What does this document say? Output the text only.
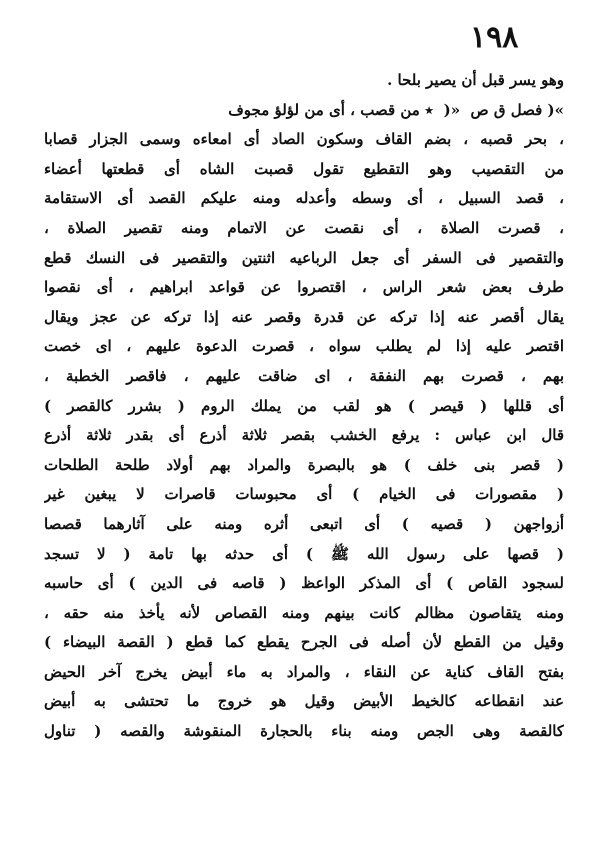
١٩٨
وهو يسر قبل أن يصير بلحا .
»( فصل ق ص ‏ «( ‏ ٭ من قصب ، أى من لؤلؤ مجوف
، بحر قصبه ، بضم القاف وسكون الصاد أى امعاءه وسمى الجزار قصابا
من التقصيب وهو التقطيع تقول قصبت الشاه أى قطعتها أعضاء
، قصد السبيل ، أى وسطه وأعدله ومنه عليكم القصد أى الاستقامة
، قصرت الصلاة ، أى نقصت عن الاتمام ومنه تقصير الصلاة ،
والتقصير فى السفر أى جعل الرباعيه اثنتين والتقصير فى النسك قطع
طرف بعض شعر الراس ، اقتصروا عن قواعد ابراهيم ، أى نقصوا
يقال أقصر عنه إذا تركه عن قدرة وقصر عنه إذا تركه عن عجز ويقال
اقتصر عليه إذا لم يطلب سواه ، قصرت الدعوة عليهم ، اى خصت
بهم ، قصرت بهم النفقة ، اى ضاقت عليهم ، فاقصر الخطبة ،
أى قللها ( قيصر ) هو لقب من يملك الروم ( بشرر كالقصر )
قال ابن عباس : يرفع الخشب بقصر ثلاثة أذرع أى بقدر ثلاثة أذرع
( قصر بنى خلف ) هو بالبصرة والمراد بهم أولاد طلحة الطلحات
( مقصورات فى الخيام ) أى محبوسات قاصرات لا يبغين غير
أزواجهن ( قصيه ) أى اتبعى أثره ومنه على آثارهما قصصا
( قصها على رسول الله ﷺ ) أى حدثه بها تامة ( لا تسجد
لسجود القاص ) أى المذكر الواعظ ( قاصه فى الدين ) أى حاسبه
ومنه يتقاصون مظالم كانت بينهم ومنه القصاص لأنه يأخذ منه حقه ،
وقيل من القطع لأن أصله فى الجرح يقطع كما قطع ( القصة البيضاء )
بفتح القاف كناية عن النقاء ، والمراد به ماء أبيض يخرج آخر الحيض
عند انقطاعه كالخيط الأبيض وقيل هو خروج ما تحتشى به أبيض
كالقصة وهى الجص ومنه بناء بالحجارة المنقوشة والقصه ( تناول
